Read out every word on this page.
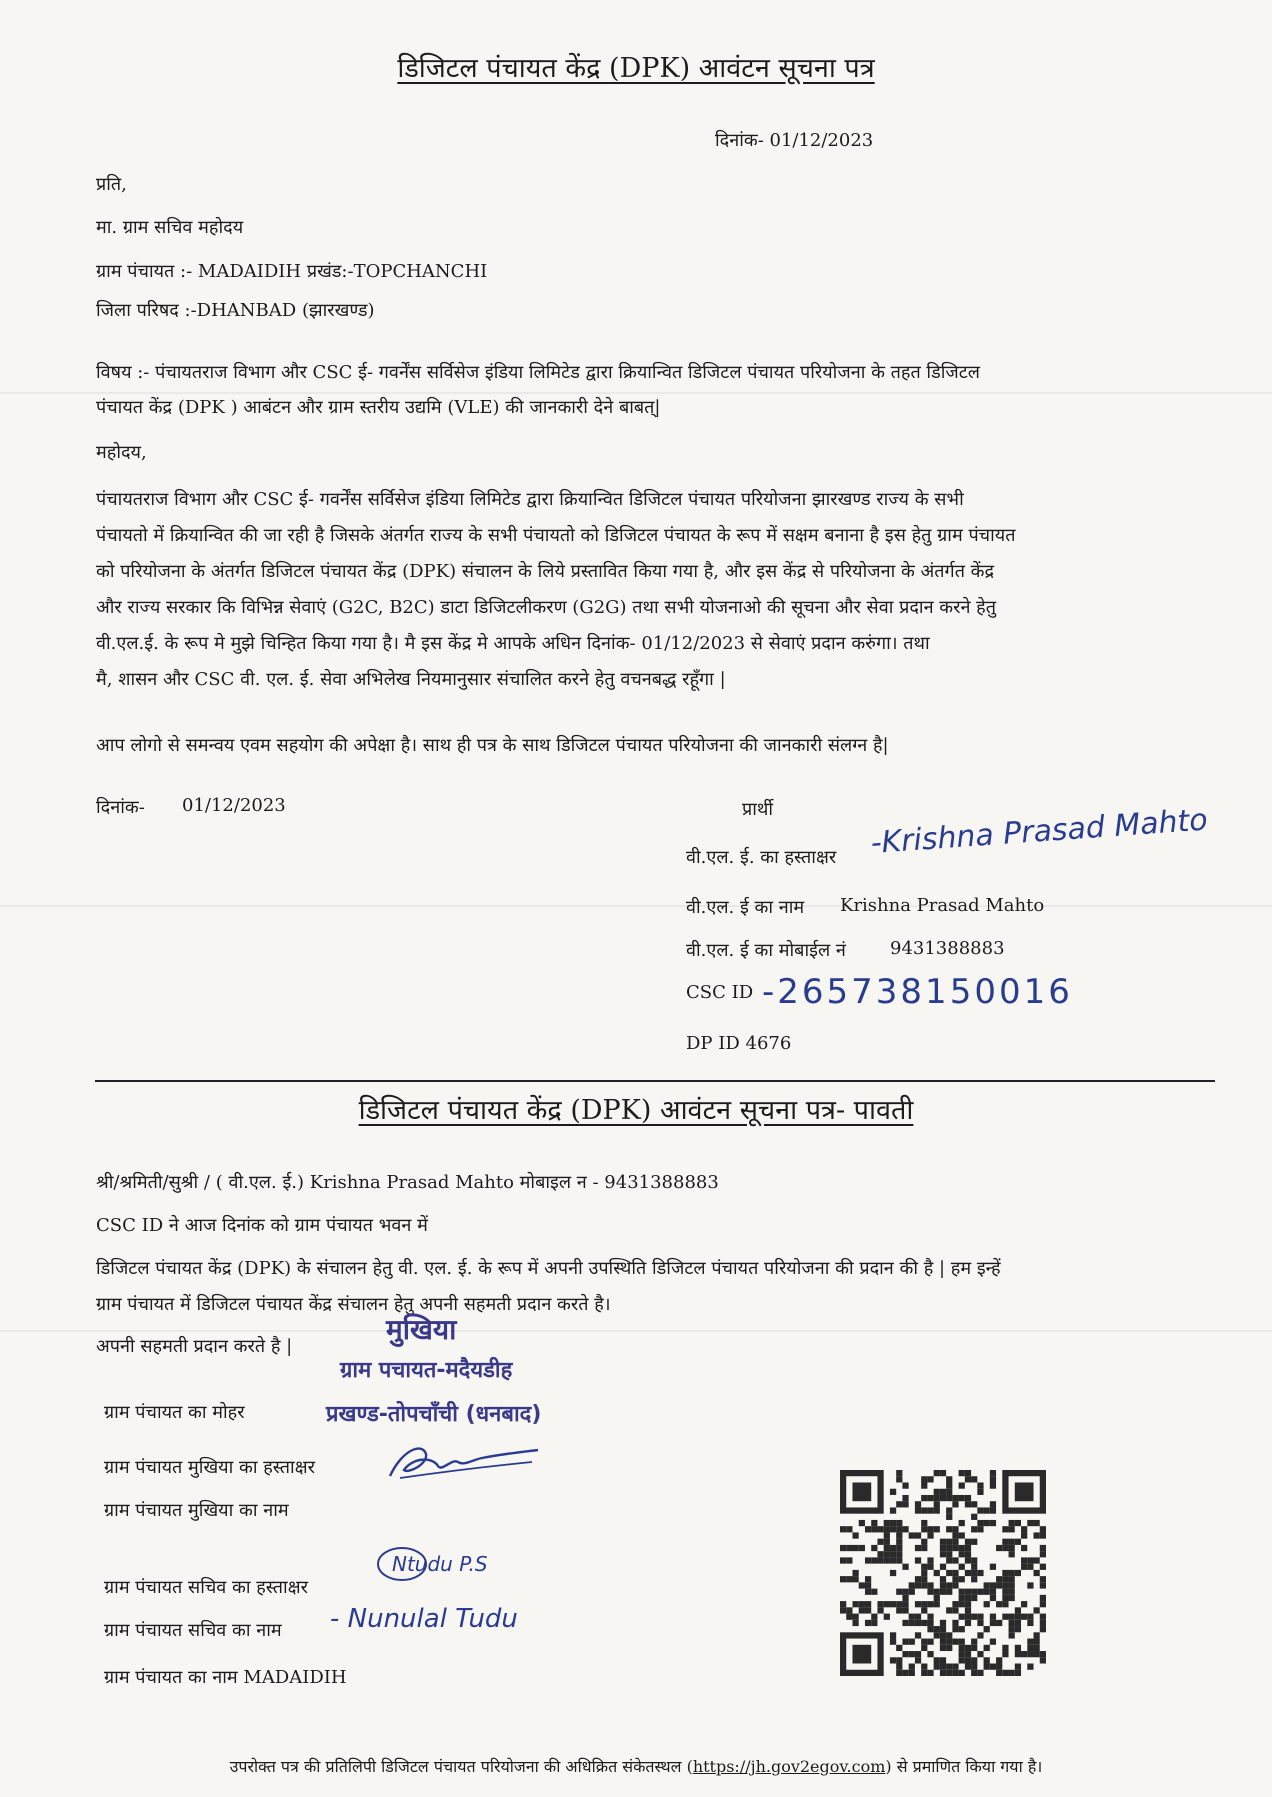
डिजिटल पंचायत केंद्र (DPK) आवंटन सूचना पत्र
दिनांक- 01/12/2023
प्रति,
मा. ग्राम सचिव महोदय
ग्राम पंचायत :- MADAIDIH प्रखंड:-TOPCHANCHI
जिला परिषद :-DHANBAD (झारखण्ड)
विषय :- पंचायतराज विभाग और CSC ई- गवर्नेंस सर्विसेज इंडिया लिमिटेड द्वारा क्रियान्वित डिजिटल पंचायत परियोजना के तहत डिजिटल
पंचायत केंद्र (DPK ) आबंटन और ग्राम स्तरीय उद्यमि (VLE) की जानकारी देने बाबत्|
महोदय,
पंचायतराज विभाग और CSC ई- गवर्नेंस सर्विसेज इंडिया लिमिटेड द्वारा क्रियान्वित डिजिटल पंचायत परियोजना झारखण्ड राज्य के सभी
पंचायतो में क्रियान्वित की जा रही है जिसके अंतर्गत राज्य के सभी पंचायतो को डिजिटल पंचायत के रूप में सक्षम बनाना है इस हेतु ग्राम पंचायत
को परियोजना के अंतर्गत डिजिटल पंचायत केंद्र (DPK) संचालन के लिये प्रस्तावित किया गया है, और इस केंद्र से परियोजना के अंतर्गत केंद्र
और राज्य सरकार कि विभिन्न सेवाएं (G2C, B2C) डाटा डिजिटलीकरण (G2G) तथा सभी योजनाओ की सूचना और सेवा प्रदान करने हेतु
वी.एल.ई. के रूप मे मुझे चिन्हित किया गया है। मै इस केंद्र मे आपके अधिन दिनांक- 01/12/2023 से सेवाएं प्रदान करुंगा। तथा
मै, शासन और CSC वी. एल. ई. सेवा अभिलेख नियमानुसार संचालित करने हेतु वचनबद्ध रहूँगा |
आप लोगो से समन्वय एवम सहयोग की अपेक्षा है। साथ ही पत्र के साथ डिजिटल पंचायत परियोजना की जानकारी संलग्न है|
दिनांक- 01/12/2023	प्रार्थी
वी.एल. ई. का हस्ताक्षर -Krishna Prasad Mahto
वी.एल. ई का नाम Krishna Prasad Mahto
वी.एल. ई का मोबाईल नं 9431388883
CSC ID -265738150016
DP ID 4676
डिजिटल पंचायत केंद्र (DPK) आवंटन सूचना पत्र- पावती
श्री/श्रमिती/सुश्री / ( वी.एल. ई.) Krishna Prasad Mahto मोबाइल न - 9431388883
CSC ID ने आज दिनांक को ग्राम पंचायत भवन में
डिजिटल पंचायत केंद्र (DPK) के संचालन हेतु वी. एल. ई. के रूप में अपनी उपस्थिति डिजिटल पंचायत परियोजना की प्रदान की है | हम इन्हें
ग्राम पंचायत में डिजिटल पंचायत केंद्र संचालन हेतु अपनी सहमती प्रदान करते है।
अपनी सहमती प्रदान करते है |
मुखिया
ग्राम पचायत-मदैयडीह
प्रखण्ड-तोपचाँची (धनबाद)
ग्राम पंचायत का मोहर
ग्राम पंचायत मुखिया का हस्ताक्षर
ग्राम पंचायत मुखिया का नाम
ग्राम पंचायत सचिव का हस्ताक्षर
Ntudu P.S
ग्राम पंचायत सचिव का नाम - Nunulal Tudu
ग्राम पंचायत का नाम MADAIDIH
उपरोक्त पत्र की प्रतिलिपी डिजिटल पंचायत परियोजना की अधिक्रित संकेतस्थल (https://jh.gov2egov.com) से प्रमाणित किया गया है।
